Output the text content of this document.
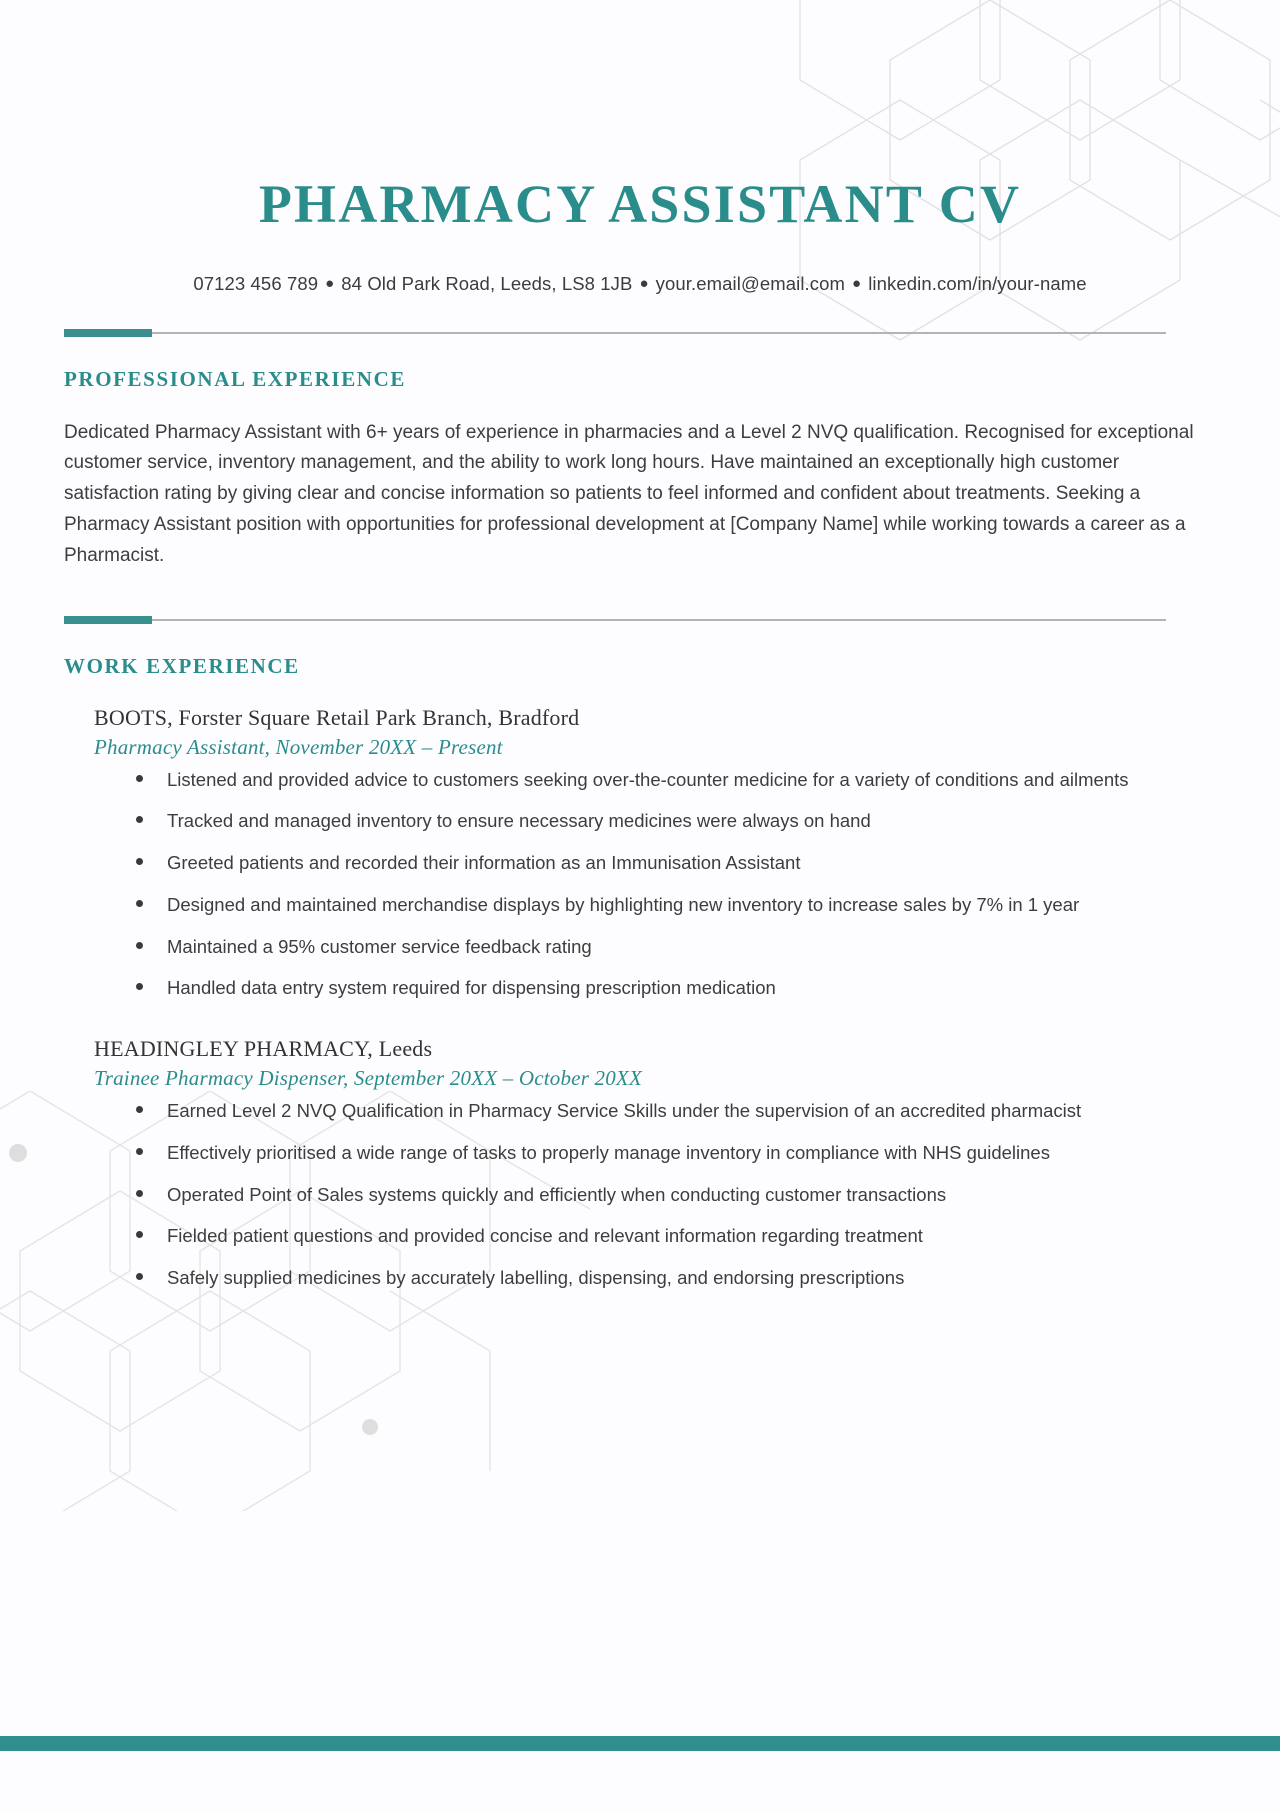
PHARMACY ASSISTANT CV
07123 456 789 ● 84 Old Park Road, Leeds, LS8 1JB ● your.email@email.com ● linkedin.com/in/your-name
PROFESSIONAL EXPERIENCE

Dedicated Pharmacy Assistant with 6+ years of experience in pharmacies and a Level 2 NVQ qualification. Recognised for exceptional customer service, inventory management, and the ability to work long hours. Have maintained an exceptionally high customer satisfaction rating by giving clear and concise information so patients to feel informed and confident about treatments. Seeking a Pharmacy Assistant position with opportunities for professional development at [Company Name] while working towards a career as a Pharmacist.

WORK EXPERIENCE
BOOTS, Forster Square Retail Park Branch, Bradford
Pharmacy Assistant, November 20XX – Present
Listened and provided advice to customers seeking over-the-counter medicine for a variety of conditions and ailments
Tracked and managed inventory to ensure necessary medicines were always on hand
Greeted patients and recorded their information as an Immunisation Assistant
Designed and maintained merchandise displays by highlighting new inventory to increase sales by 7% in 1 year
Maintained a 95% customer service feedback rating
Handled data entry system required for dispensing prescription medication
HEADINGLEY PHARMACY, Leeds
Trainee Pharmacy Dispenser, September 20XX – October 20XX
Earned Level 2 NVQ Qualification in Pharmacy Service Skills under the supervision of an accredited pharmacist
Effectively prioritised a wide range of tasks to properly manage inventory in compliance with NHS guidelines
Operated Point of Sales systems quickly and efficiently when conducting customer transactions
Fielded patient questions and provided concise and relevant information regarding treatment
Safely supplied medicines by accurately labelling, dispensing, and endorsing prescriptions
